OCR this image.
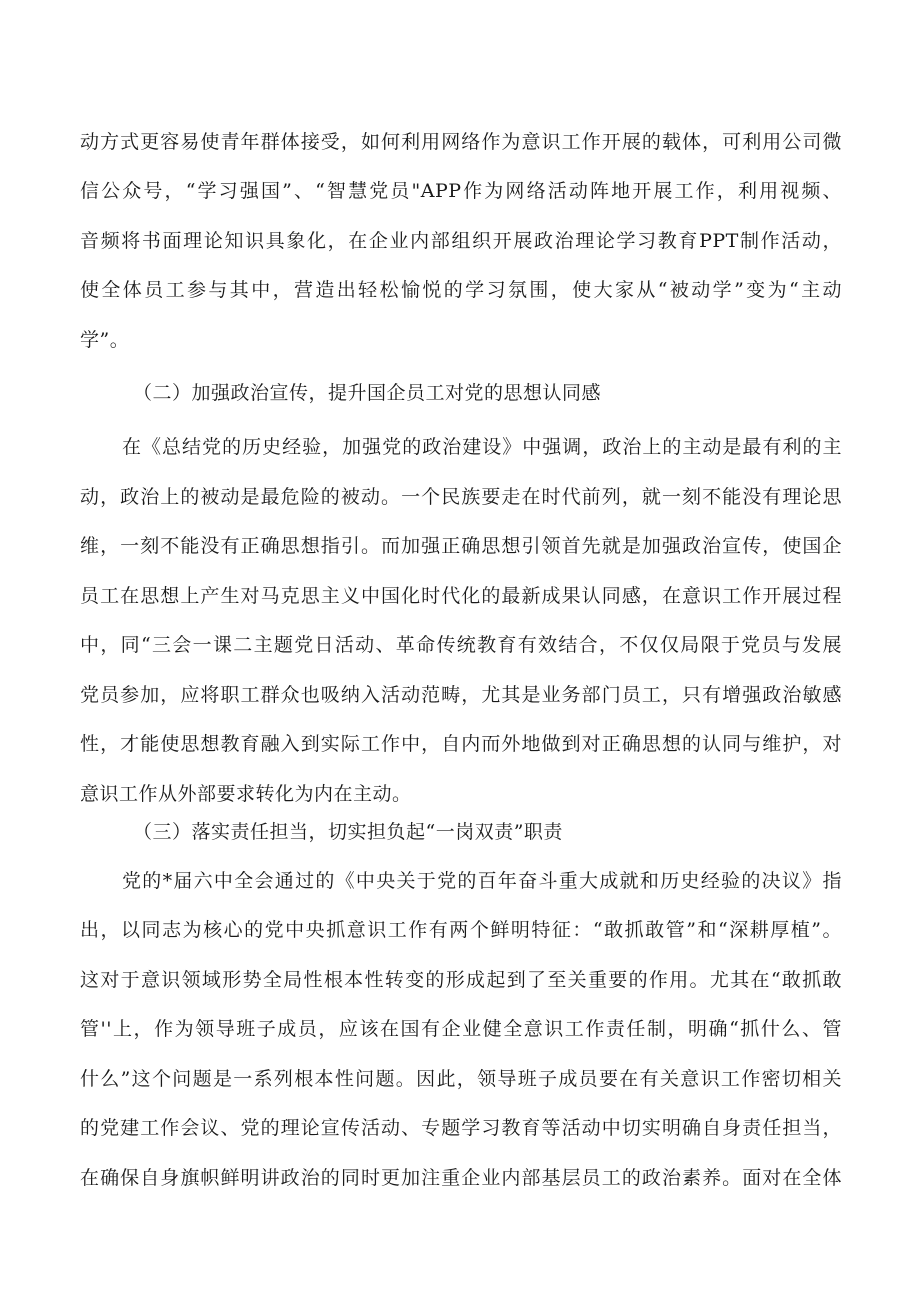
动方式更容易使青年群体接受，如何利用网络作为意识工作开展的载体，可利用公司微
信公众号，“学习强国”、“智慧党员"APP作为网络活动阵地开展工作，利用视频、
音频将书面理论知识具象化，在企业内部组织开展政治理论学习教育PPT制作活动，
使全体员工参与其中，营造出轻松愉悦的学习氛围，使大家从“被动学”变为“主动
学”。
（二）加强政治宣传，提升国企员工对党的思想认同感
在《总结党的历史经验，加强党的政治建设》中强调，政治上的主动是最有利的主
动，政治上的被动是最危险的被动。一个民族要走在时代前列，就一刻不能没有理论思
维，一刻不能没有正确思想指引。而加强正确思想引领首先就是加强政治宣传，使国企
员工在思想上产生对马克思主义中国化时代化的最新成果认同感，在意识工作开展过程
中，同“三会一课二主题党日活动、革命传统教育有效结合，不仅仅局限于党员与发展
党员参加，应将职工群众也吸纳入活动范畴，尤其是业务部门员工，只有增强政治敏感
性，才能使思想教育融入到实际工作中，自内而外地做到对正确思想的认同与维护，对
意识工作从外部要求转化为内在主动。
（三）落实责任担当，切实担负起“一岗双责”职责
党的*届六中全会通过的《中央关于党的百年奋斗重大成就和历史经验的决议》指
出，以同志为核心的党中央抓意识工作有两个鲜明特征：“敢抓敢管”和“深耕厚植”。
这对于意识领域形势全局性根本性转变的形成起到了至关重要的作用。尤其在“敢抓敢
管''上，作为领导班子成员，应该在国有企业健全意识工作责任制，明确“抓什么、管
什么”这个问题是一系列根本性问题。因此，领导班子成员要在有关意识工作密切相关
的党建工作会议、党的理论宣传活动、专题学习教育等活动中切实明确自身责任担当，
在确保自身旗帜鲜明讲政治的同时更加注重企业内部基层员工的政治素养。面对在全体
